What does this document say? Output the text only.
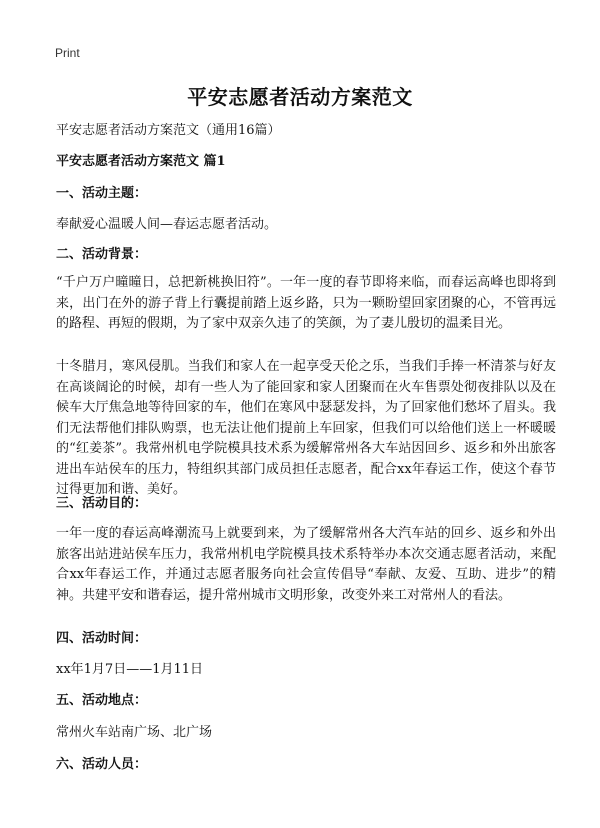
Print
平安志愿者活动方案范文
平安志愿者活动方案范文（通用16篇）
平安志愿者活动方案范文 篇1
一、活动主题：
奉献爱心温暖人间—春运志愿者活动。
二、活动背景：
“千户万户曈曈日，总把新桃换旧符”。一年一度的春节即将来临，而春运高峰也即将到来，出门在外的游子背上行囊提前踏上返乡路，只为一颗盼望回家团聚的心，不管再远的路程、再短的假期，为了家中双亲久违了的笑颜，为了妻儿殷切的温柔目光。
十冬腊月，寒风侵肌。当我们和家人在一起享受天伦之乐，当我们手捧一杯清茶与好友在高谈阔论的时候，却有一些人为了能回家和家人团聚而在火车售票处彻夜排队以及在候车大厅焦急地等待回家的车，他们在寒风中瑟瑟发抖，为了回家他们愁坏了眉头。我们无法帮他们排队购票，也无法让他们提前上车回家，但我们可以给他们送上一杯暖暖的“红姜茶”。我常州机电学院模具技术系为缓解常州各大车站因回乡、返乡和外出旅客进出车站侯车的压力，特组织其部门成员担任志愿者，配合xx年春运工作，使这个春节过得更加和谐、美好。
三、活动目的：
一年一度的春运高峰潮流马上就要到来，为了缓解常州各大汽车站的回乡、返乡和外出旅客出站进站侯车压力，我常州机电学院模具技术系特举办本次交通志愿者活动，来配合xx年春运工作，并通过志愿者服务向社会宣传倡导“奉献、友爱、互助、进步”的精神。共建平安和谐春运，提升常州城市文明形象，改变外来工对常州人的看法。
四、活动时间：
xx年1月7日——1月11日
五、活动地点：
常州火车站南广场、北广场
六、活动人员：
